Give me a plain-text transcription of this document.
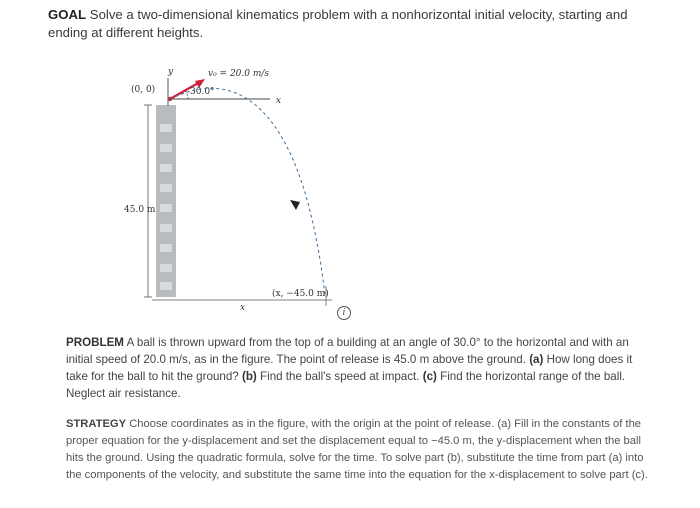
GOAL Solve a two-dimensional kinematics problem with a nonhorizontal initial velocity, starting and ending at different heights.
45.0 m
y
x
(0, 0)
v₀ = 20.0 m/s
30.0°
(x, −45.0 m)
x	i
PROBLEM A ball is thrown upward from the top of a building at an angle of 30.0° to the horizontal and with an initial speed of 20.0 m/s, as in the figure. The point of release is 45.0 m above the ground. (a) How long does it take for the ball to hit the ground? (b) Find the ball's speed at impact. (c) Find the horizontal range of the ball. Neglect air resistance.
STRATEGY Choose coordinates as in the figure, with the origin at the point of release. (a) Fill in the constants of the proper equation for the y-displacement and set the displacement equal to −45.0 m, the y-displacement when the ball hits the ground. Using the quadratic formula, solve for the time. To solve part (b), substitute the time from part (a) into the components of the velocity, and substitute the same time into the equation for the x-displacement to solve part (c).
